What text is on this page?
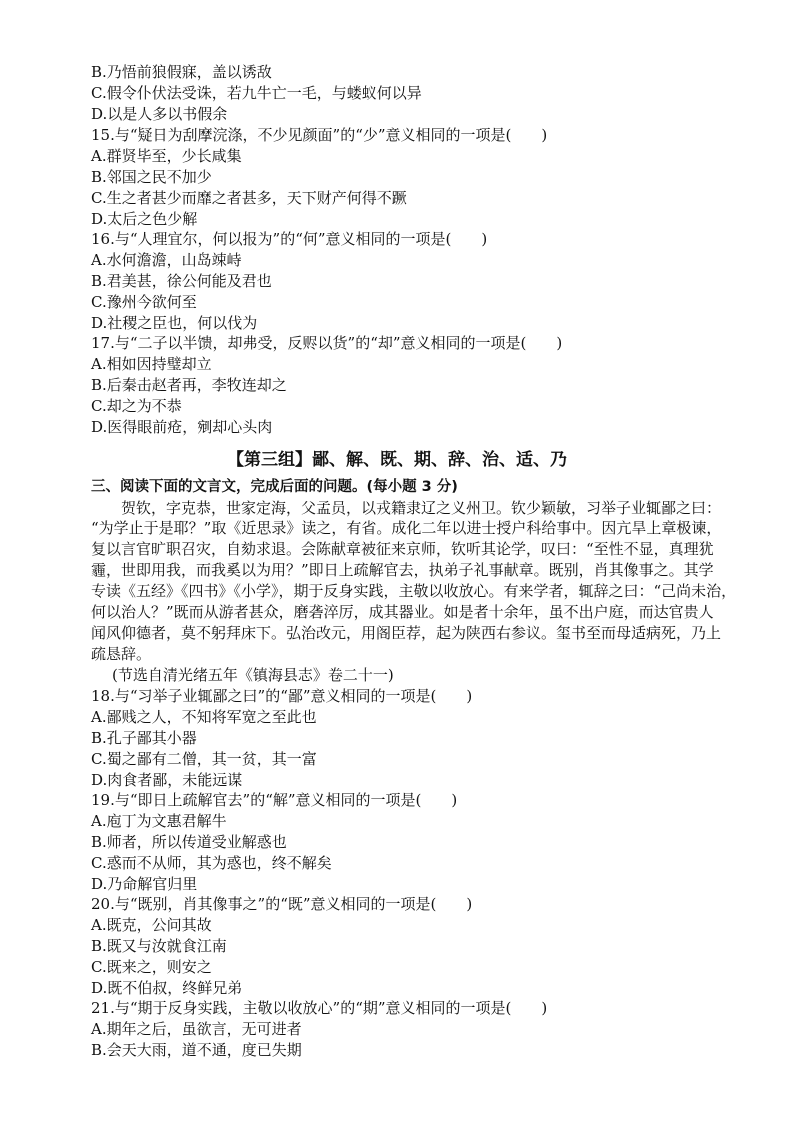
B.乃悟前狼假寐，盖以诱敌
C.假令仆伏法受诛，若九牛亡一毛，与蝼蚁何以异
D.以是人多以书假余
15.与“疑日为刮摩浣涤，不少见颜面”的“少”意义相同的一项是(　　)
A.群贤毕至，少长咸集
B.邻国之民不加少
C.生之者甚少而靡之者甚多，天下财产何得不蹶
D.太后之色少解
16.与“人理宜尔，何以报为”的“何”意义相同的一项是(　　)
A.水何澹澹，山岛竦峙
B.君美甚，徐公何能及君也
C.豫州今欲何至
D.社稷之臣也，何以伐为
17.与“二子以半馈，却弗受，反赆以货”的“却”意义相同的一项是(　　)
A.相如因持璧却立
B.后秦击赵者再，李牧连却之
C.却之为不恭
D.医得眼前疮，剜却心头肉
【第三组】鄙、解、既、期、辞、治、适、乃
三、阅读下面的文言文，完成后面的问题。(每小题 3 分)
贺钦，字克恭，世家定海，父孟员，以戎籍隶辽之义州卫。钦少颖敏，习举子业辄鄙之曰：
“为学止于是耶？”取《近思录》读之，有省。成化二年以进士授户科给事中。因亢旱上章极谏，
复以言官旷职召灾，自劾求退。会陈献章被征来京师，钦听其论学，叹曰：“至性不显，真理犹
霾，世即用我，而我奚以为用？”即日上疏解官去，执弟子礼事献章。既别，肖其像事之。其学
专读《五经》《四书》《小学》，期于反身实践，主敬以收放心。有来学者，辄辞之曰：“己尚未治，
何以治人？”既而从游者甚众，磨砻淬厉，成其器业。如是者十余年，虽不出户庭，而达官贵人
闻风仰德者，莫不躬拜床下。弘治改元，用阁臣荐，起为陕西右参议。玺书至而母适病死，乃上
疏恳辞。
(节选自清光绪五年《镇海县志》卷二十一)
18.与“习举子业辄鄙之曰”的“鄙”意义相同的一项是(　　)
A.鄙贱之人，不知将军宽之至此也
B.孔子鄙其小器
C.蜀之鄙有二僧，其一贫，其一富
D.肉食者鄙，未能远谋
19.与“即日上疏解官去”的“解”意义相同的一项是(　　)
A.庖丁为文惠君解牛
B.师者，所以传道受业解惑也
C.惑而不从师，其为惑也，终不解矣
D.乃命解官归里
20.与“既别，肖其像事之”的“既”意义相同的一项是(　　)
A.既克，公问其故
B.既又与汝就食江南
C.既来之，则安之
D.既不伯叔，终鲜兄弟
21.与“期于反身实践，主敬以收放心”的“期”意义相同的一项是(　　)
A.期年之后，虽欲言，无可进者
B.会天大雨，道不通，度已失期
